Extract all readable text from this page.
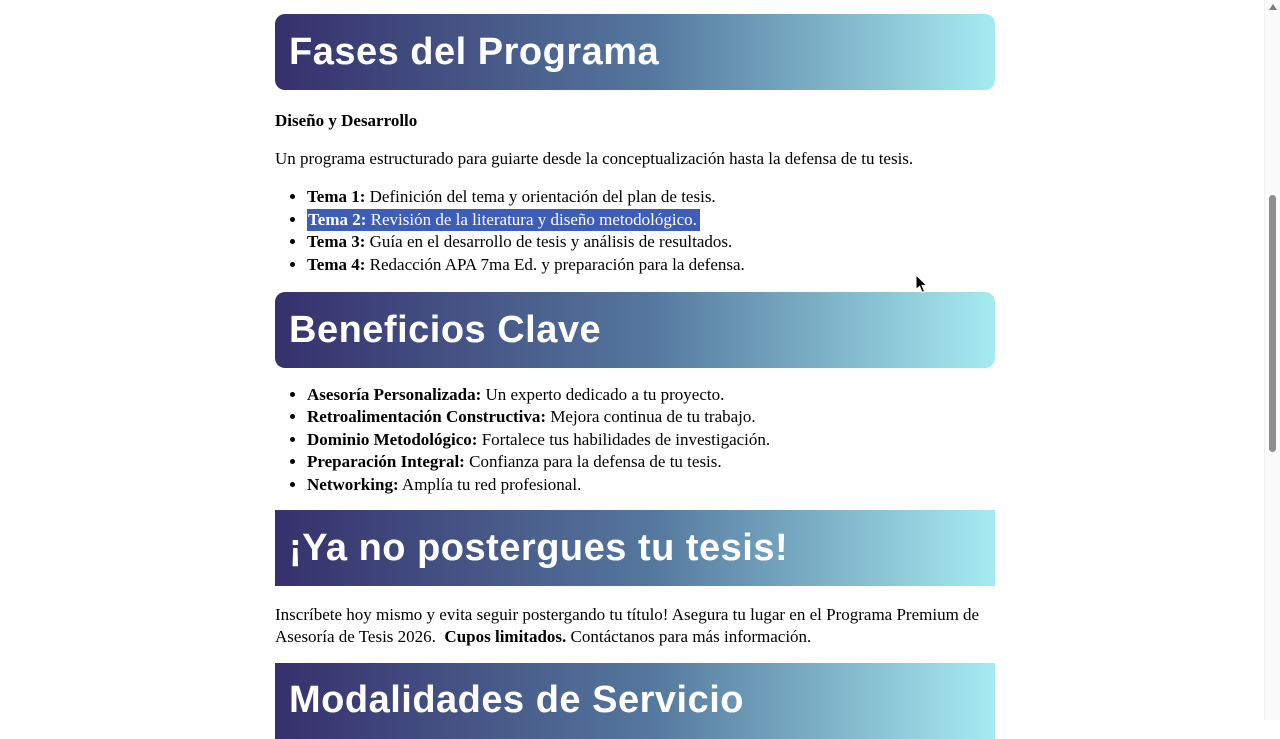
Fases del Programa

Diseño y Desarrollo

Un programa estructurado para guiarte desde la conceptualización hasta la defensa de tu tesis.

• Tema 1: Definición del tema y orientación del plan de tesis.
• Tema 2: Revisión de la literatura y diseño metodológico.
• Tema 3: Guía en el desarrollo de tesis y análisis de resultados.
• Tema 4: Redacción APA 7ma Ed. y preparación para la defensa.
Beneficios Clave
• Asesoría Personalizada: Un experto dedicado a tu proyecto.
• Retroalimentación Constructiva: Mejora continua de tu trabajo.
• Dominio Metodológico: Fortalece tus habilidades de investigación.
• Preparación Integral: Confianza para la defensa de tu tesis.
• Networking: Amplía tu red profesional.
¡Ya no postergues tu tesis!

Inscríbete hoy mismo y evita seguir postergando tu título! Asegura tu lugar en el Programa Premium de Asesoría de Tesis 2026.  Cupos limitados. Contáctanos para más información.

Modalidades de Servicio
